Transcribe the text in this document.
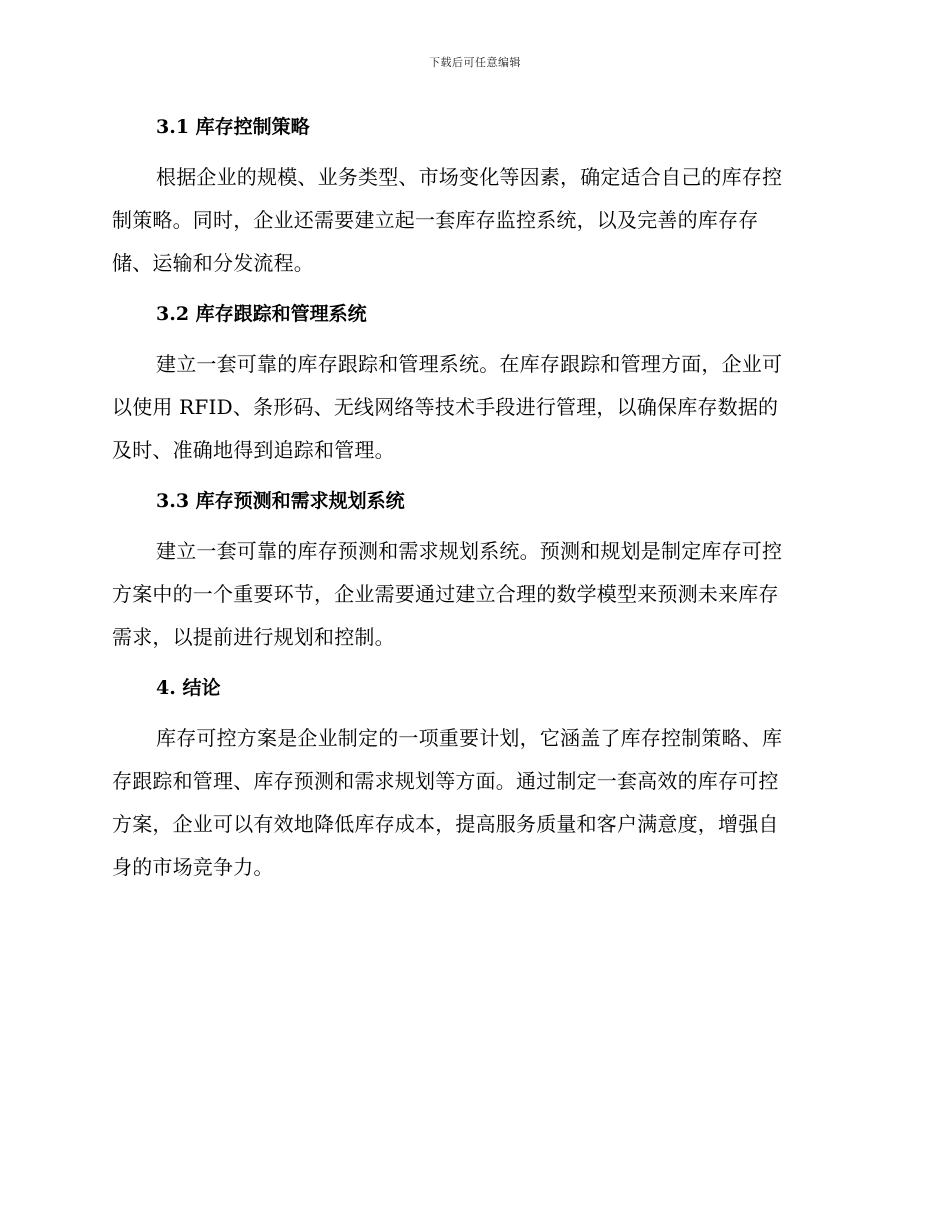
下载后可任意编辑
3.1 库存控制策略
根据企业的规模、业务类型、市场变化等因素，确定适合自己的库存控
制策略。同时，企业还需要建立起一套库存监控系统，以及完善的库存存
储、运输和分发流程。
3.2 库存跟踪和管理系统
建立一套可靠的库存跟踪和管理系统。在库存跟踪和管理方面，企业可
以使用 RFID、条形码、无线网络等技术手段进行管理，以确保库存数据的
及时、准确地得到追踪和管理。
3.3 库存预测和需求规划系统
建立一套可靠的库存预测和需求规划系统。预测和规划是制定库存可控
方案中的一个重要环节，企业需要通过建立合理的数学模型来预测未来库存
需求，以提前进行规划和控制。
4. 结论
库存可控方案是企业制定的一项重要计划，它涵盖了库存控制策略、库
存跟踪和管理、库存预测和需求规划等方面。通过制定一套高效的库存可控
方案，企业可以有效地降低库存成本，提高服务质量和客户满意度，增强自
身的市场竞争力。
